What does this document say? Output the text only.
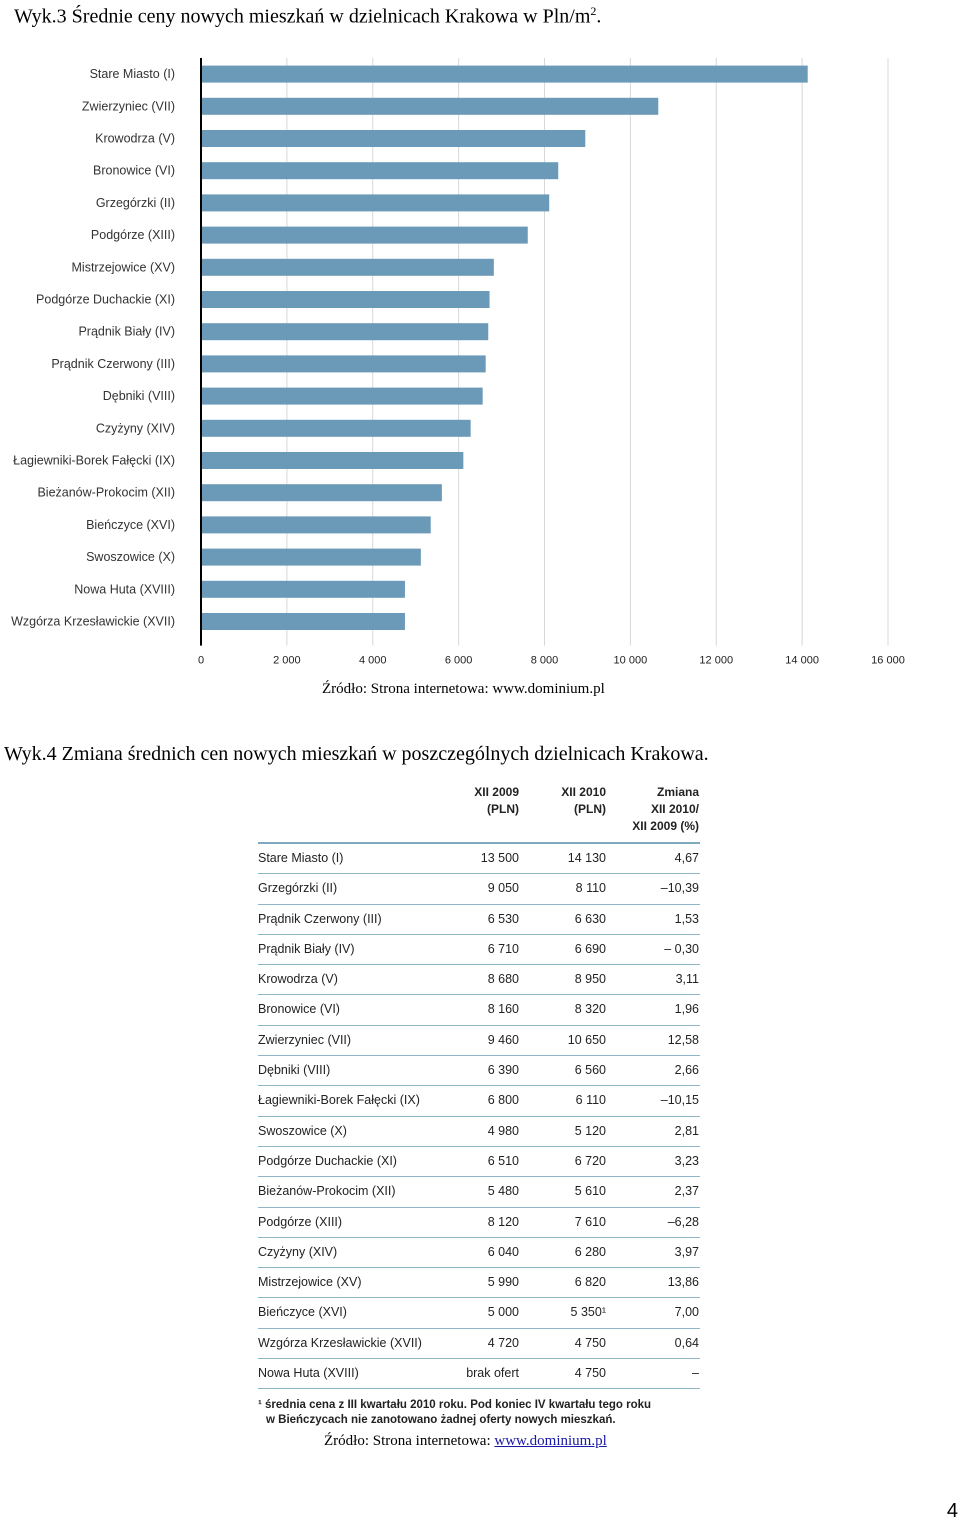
Wyk.3 Średnie ceny nowych mieszkań w dzielnicach Krakowa w Pln/$m^2$.
0	2 000	4 000	6 000	8 000	10 000	12 000	14 000	16 000
Stare Miasto (I)
Zwierzyniec (VII)
Krowodrza (V)
Bronowice (VI)
Grzegórzki (II)
Podgórze (XIII)
Mistrzejowice (XV)
Podgórze Duchackie (XI)
Prądnik Biały (IV)
Prądnik Czerwony (III)
Dębniki (VIII)
Czyżyny (XIV)
Łagiewniki-Borek Fałęcki (IX)
Bieżanów-Prokocim (XII)
Bieńczyce (XVI)
Swoszowice (X)
Nowa Huta (XVIII)
Wzgórza Krzesławickie (XVII)
Źródło: Strona internetowa: www.dominium.pl
Wyk.4 Zmiana średnich cen nowych mieszkań w poszczególnych dzielnicach Krakowa.
XII 2009
(PLN)
XII 2010
(PLN)
Zmiana
XII 2010/
XII 2009 (%)
Stare Miasto (I)	13 500	14 130	4,67
Grzegórzki (II)	9 050	8 110	–10,39
Prądnik Czerwony (III)	6 530	6 630	1,53
Prądnik Biały (IV)	6 710	6 690	– 0,30
Krowodrza (V)	8 680	8 950	3,11
Bronowice (VI)	8 160	8 320	1,96
Zwierzyniec (VII)	9 460	10 650	12,58
Dębniki (VIII)	6 390	6 560	2,66
Łagiewniki-Borek Fałęcki (IX)	6 800	6 110	–10,15
Swoszowice (X)	4 980	5 120	2,81
Podgórze Duchackie (XI)	6 510	6 720	3,23
Bieżanów-Prokocim (XII)	5 480	5 610	2,37
Podgórze (XIII)	8 120	7 610	–6,28
Czyżyny (XIV)	6 040	6 280	3,97
Mistrzejowice (XV)	5 990	6 820	13,86
Bieńczyce (XVI)	5 000	5 350¹	7,00
Wzgórza Krzesławickie (XVII)	4 720	4 750	0,64
Nowa Huta (XVIII)	brak ofert	4 750	–
¹ średnia cena z III kwartału 2010 roku. Pod koniec IV kwartału tego roku
w Bieńczycach nie zanotowano żadnej oferty nowych mieszkań.
Źródło: Strona internetowa: www.dominium.pl
4
